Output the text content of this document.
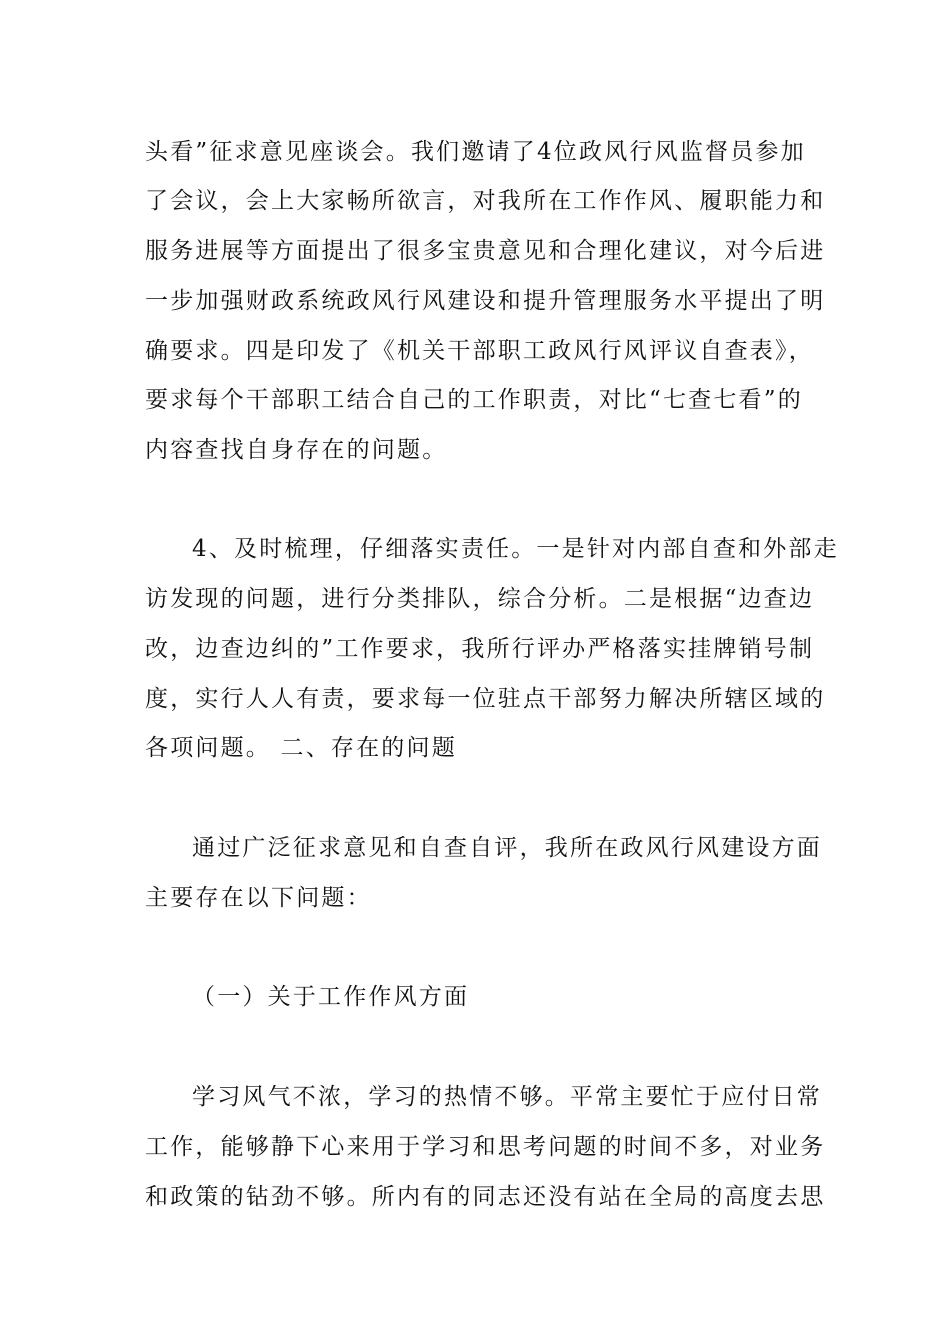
头看”征求意见座谈会。我们邀请了4位政风行风监督员参加
了会议，会上大家畅所欲言，对我所在工作作风、履职能力和
服务进展等方面提出了很多宝贵意见和合理化建议，对今后进
一步加强财政系统政风行风建设和提升管理服务水平提出了明
确要求。四是印发了《机关干部职工政风行风评议自查表》，
要求每个干部职工结合自己的工作职责，对比“七查七看”的
内容查找自身存在的问题。
4、及时梳理，仔细落实责任。一是针对内部自查和外部走
访发现的问题，进行分类排队，综合分析。二是根据“边查边
改，边查边纠的”工作要求，我所行评办严格落实挂牌销号制
度，实行人人有责，要求每一位驻点干部努力解决所辖区域的
各项问题。 二、存在的问题
通过广泛征求意见和自查自评，我所在政风行风建设方面
主要存在以下问题：
（一）关于工作作风方面
学习风气不浓，学习的热情不够。平常主要忙于应付日常
工作，能够静下心来用于学习和思考问题的时间不多，对业务
和政策的钻劲不够。所内有的同志还没有站在全局的高度去思
